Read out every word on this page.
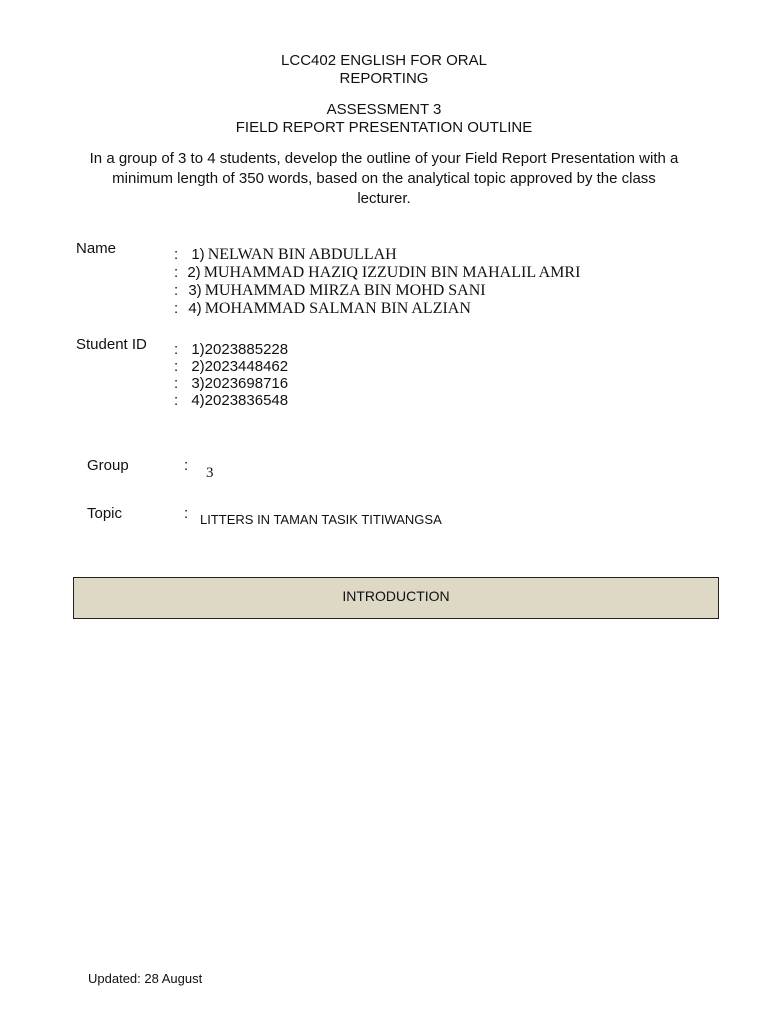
LCC402 ENGLISH FOR ORAL
REPORTING
ASSESSMENT 3
FIELD REPORT PRESENTATION OUTLINE
In a group of 3 to 4 students, develop the outline of your Field Report Presentation with a
minimum length of 350 words, based on the analytical topic approved by the class
lecturer.
Name	: 1) NELWAN BIN ABDULLAH
: 2) MUHAMMAD HAZIQ IZZUDIN BIN MAHALIL AMRI
: 3) MUHAMMAD MIRZA BIN MOHD SANI
: 4) MOHAMMAD SALMAN BIN ALZIAN
Student ID : 1)2023885228
: 2)2023448462
: 3)2023698716
: 4)2023836548
Group	: 3
Topic	: LITTERS IN TAMAN TASIK TITIWANGSA
INTRODUCTION
Updated: 28 August
